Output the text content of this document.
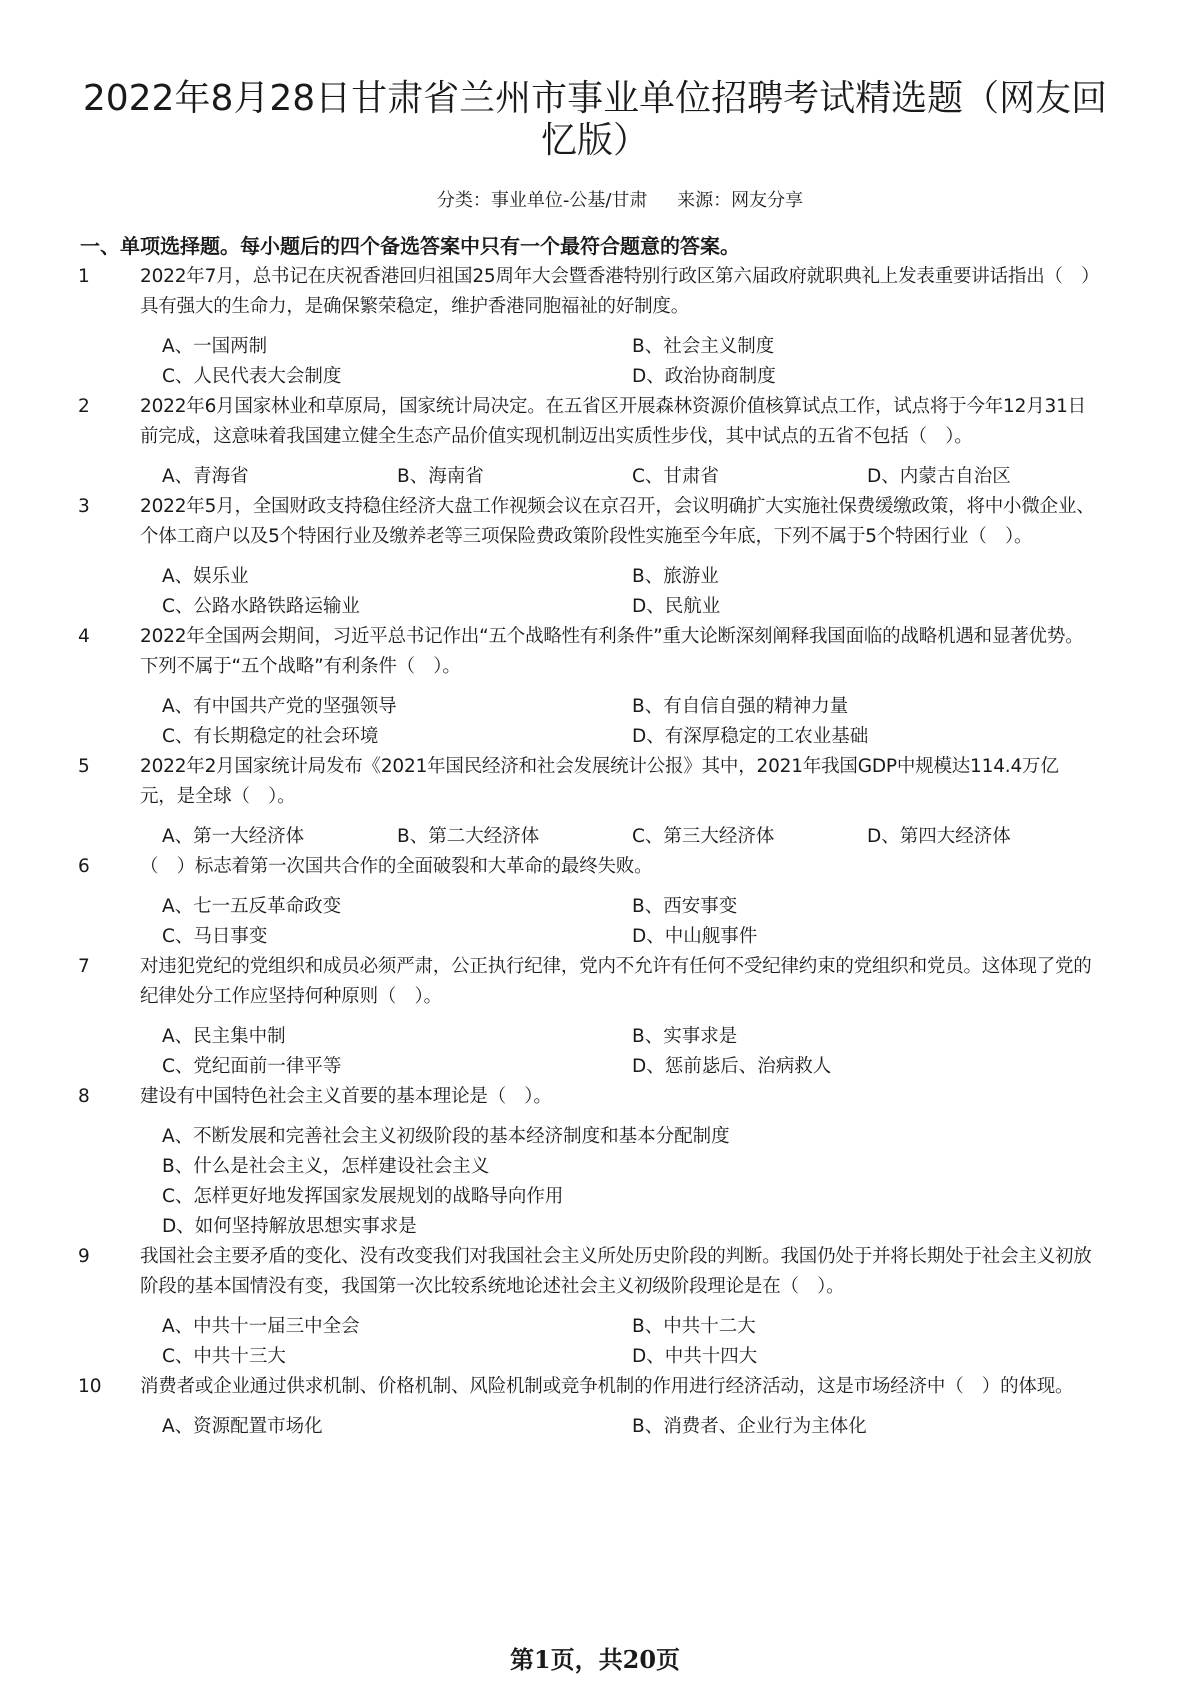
2022年8月28日甘肃省兰州市事业单位招聘考试精选题（网友回忆版）
分类：事业单位-公基/甘肃 来源：网友分享
一、单项选择题。每小题后的四个备选答案中只有一个最符合题意的答案。
1	2022年7月，总书记在庆祝香港回归祖国25周年大会暨香港特别行政区第六届政府就职典礼上发表重要讲话指出（　）具有强大的生命力，是确保繁荣稳定，维护香港同胞福祉的好制度。
A、一国两制	B、社会主义制度
C、人民代表大会制度	D、政治协商制度
2	2022年6月国家林业和草原局，国家统计局决定。在五省区开展森林资源价值核算试点工作，试点将于今年12月31日前完成，这意味着我国建立健全生态产品价值实现机制迈出实质性步伐，其中试点的五省不包括（　）。
A、青海省	B、海南省	C、甘肃省	D、内蒙古自治区
3	2022年5月，全国财政支持稳住经济大盘工作视频会议在京召开，会议明确扩大实施社保费缓缴政策，将中小微企业、个体工商户以及5个特困行业及缴养老等三项保险费政策阶段性实施至今年底，下列不属于5个特困行业（　）。
A、娱乐业	B、旅游业
C、公路水路铁路运输业	D、民航业
4	2022年全国两会期间，习近平总书记作出“五个战略性有利条件”重大论断深刻阐释我国面临的战略机遇和显著优势。下列不属于“五个战略”有利条件（　）。
A、有中国共产党的坚强领导	B、有自信自强的精神力量
C、有长期稳定的社会环境	D、有深厚稳定的工农业基础
5	2022年2月国家统计局发布《2021年国民经济和社会发展统计公报》其中，2021年我国GDP中规模达114.4万亿元，是全球（　）。
A、第一大经济体	B、第二大经济体	C、第三大经济体	D、第四大经济体
6	（　）标志着第一次国共合作的全面破裂和大革命的最终失败。
A、七一五反革命政变	B、西安事变
C、马日事变	D、中山舰事件
7	对违犯党纪的党组织和成员必须严肃，公正执行纪律，党内不允许有任何不受纪律约束的党组织和党员。这体现了党的纪律处分工作应坚持何种原则（　）。
A、民主集中制	B、实事求是
C、党纪面前一律平等	D、惩前毖后、治病救人
8	建设有中国特色社会主义首要的基本理论是（　）。
A、不断发展和完善社会主义初级阶段的基本经济制度和基本分配制度
B、什么是社会主义，怎样建设社会主义
C、怎样更好地发挥国家发展规划的战略导向作用
D、如何坚持解放思想实事求是
9	我国社会主要矛盾的变化、没有改变我们对我国社会主义所处历史阶段的判断。我国仍处于并将长期处于社会主义初放阶段的基本国情没有变，我国第一次比较系统地论述社会主义初级阶段理论是在（　）。
A、中共十一届三中全会	B、中共十二大
C、中共十三大	D、中共十四大
10	消费者或企业通过供求机制、价格机制、风险机制或竞争机制的作用进行经济活动，这是市场经济中（　）的体现。
A、资源配置市场化	B、消费者、企业行为主体化
第1页，共20页
